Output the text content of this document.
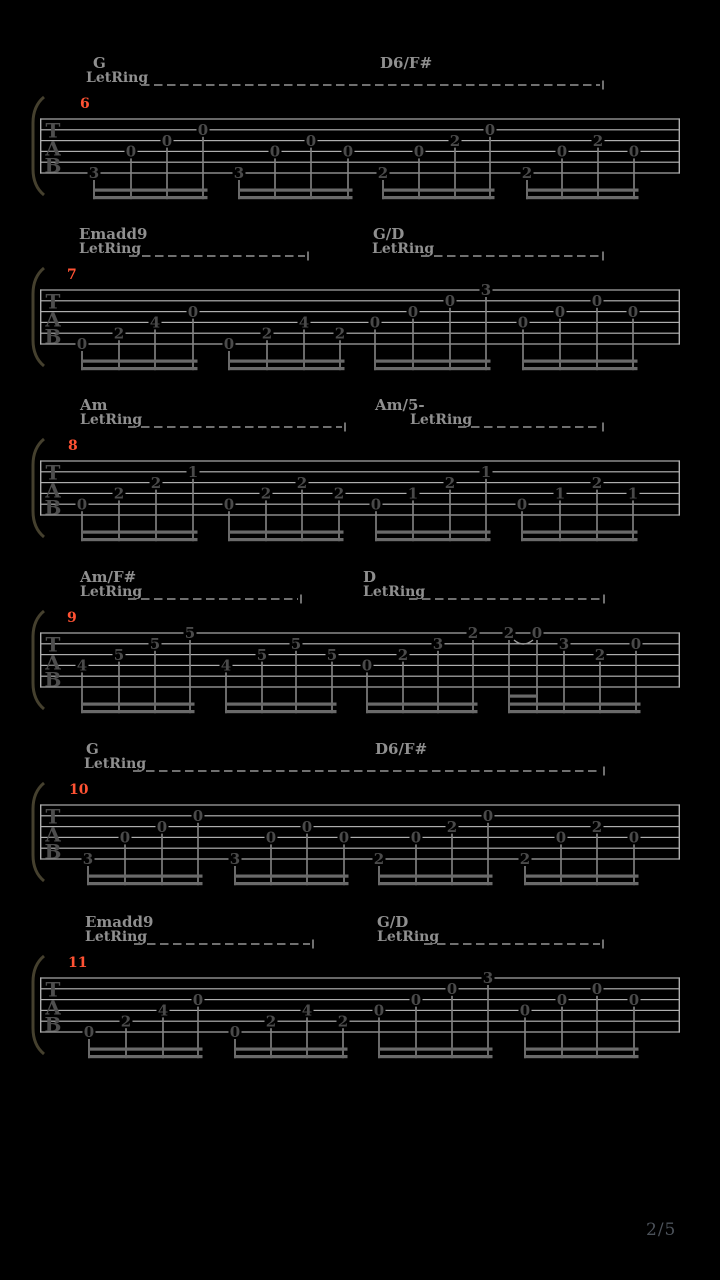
T
A
B
6
G
LetRing
D6/F#
3
0
0
0
3
0
0
0
2
0
2
0
2
0
2
0
T
A
B
7
Emadd9
LetRing
G/D
LetRing
0
2
4
0
0
2
4
2
0
0
0
3
0
0
0
0
T
A
B
8
Am
LetRing
Am/5-
LetRing
0
2
2
1
0
2
2
2
0
1
2
1
0
1
2
1
T
A
B
9
Am/F#
LetRing
D
LetRing
4
5
5
5
4
5
5
5
0
2
3
2 2 0
3
2
0
T
A
B
10
G
LetRing
D6/F#
3
0
0
0
3
0
0
0
2
0
2
0
2
0
2
0
T
A
B
11
Emadd9
LetRing
G/D
LetRing
0
2
4
0
0
2
4
2
0
0
0
3
0
0
0
0
2/5
